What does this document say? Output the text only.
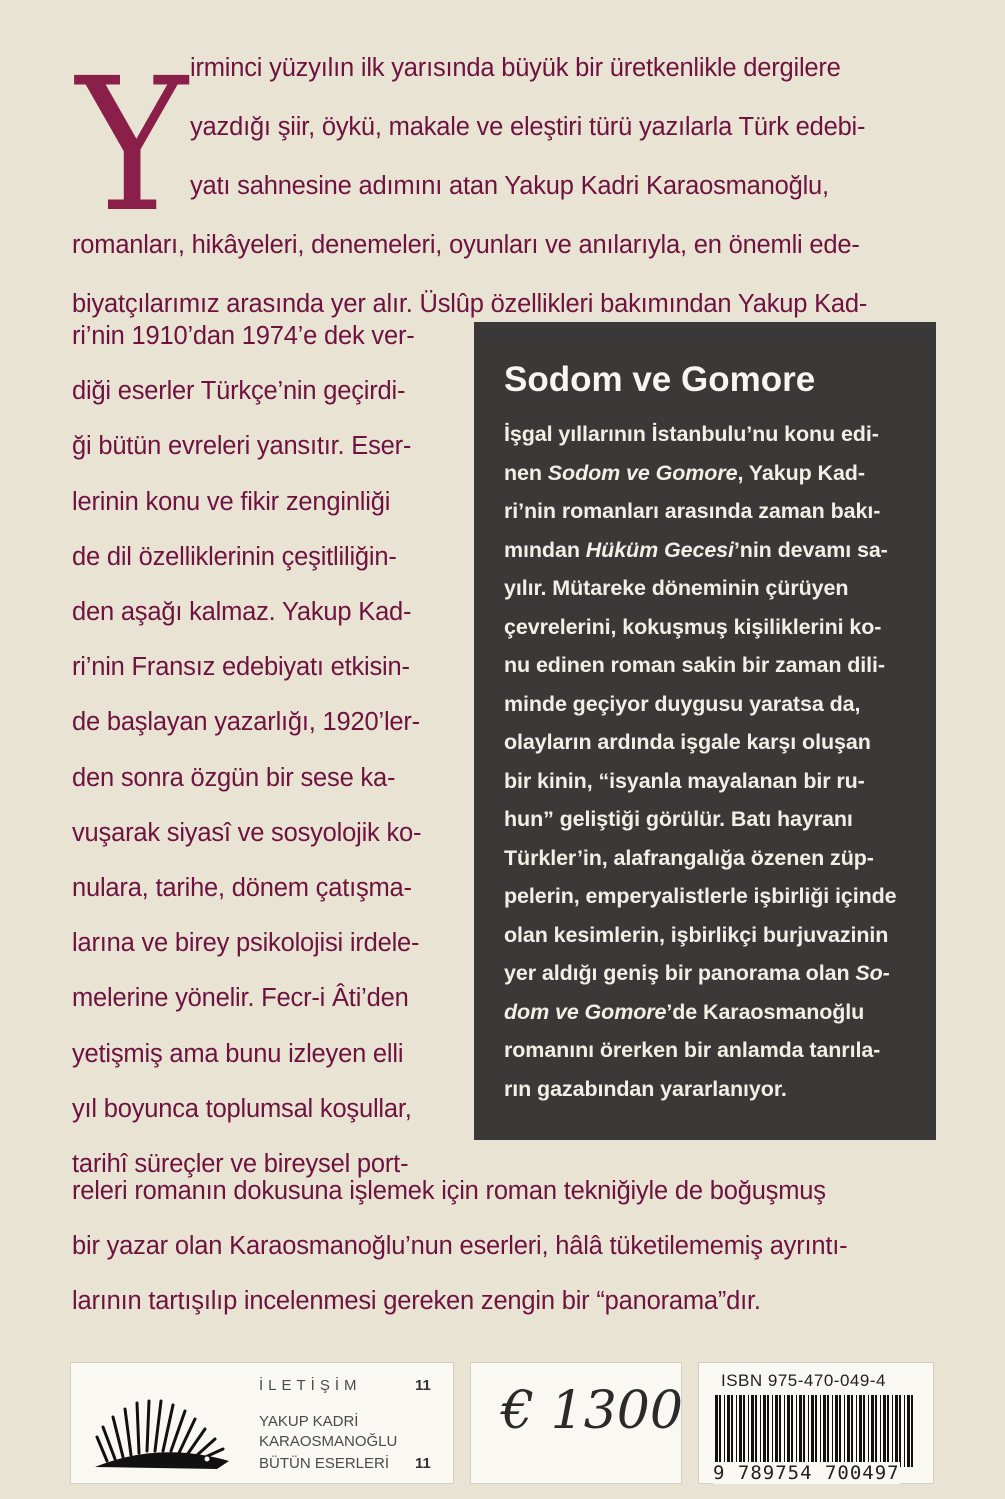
Y irminci yüzyılın ilk yarısında büyük bir üretkenlikle dergilere
yazdığı şiir, öykü, makale ve eleştiri türü yazılarla Türk edebi-
yatı sahnesine adımını atan Yakup Kadri Karaosmanoğlu,
romanları, hikâyeleri, denemeleri, oyunları ve anılarıyla, en önemli ede-
biyatçılarımız arasında yer alır. Üslûp özellikleri bakımından Yakup Kad-
ri’nin 1910’dan 1974’e dek ver-
diği eserler Türkçe’nin geçirdi-
ği bütün evreleri yansıtır. Eser-
lerinin konu ve fikir zenginliği
de dil özelliklerinin çeşitliliğin-
den aşağı kalmaz. Yakup Kad-
ri’nin Fransız edebiyatı etkisin-
de başlayan yazarlığı, 1920’ler-
den sonra özgün bir sese ka-
vuşarak siyasî ve sosyolojik ko-
nulara, tarihe, dönem çatışma-
larına ve birey psikolojisi irdele-
melerine yönelir. Fecr-i Âti’den
yetişmiş ama bunu izleyen elli
yıl boyunca toplumsal koşullar,
tarihî süreçler ve bireysel port-
releri romanın dokusuna işlemek için roman tekniğiyle de boğuşmuş
bir yazar olan Karaosmanoğlu’nun eserleri, hâlâ tüketilememiş ayrıntı-
larının tartışılıp incelenmesi gereken zengin bir “panorama”dır.
Sodom ve Gomore
İşgal yıllarının İstanbulu’nu konu edi-
nen Sodom ve Gomore, Yakup Kad-
ri’nin romanları arasında zaman bakı-
mından Hüküm Gecesi’nin devamı sa-
yılır. Mütareke döneminin çürüyen
çevrelerini, kokuşmuş kişiliklerini ko-
nu edinen roman sakin bir zaman dili-
minde geçiyor duygusu yaratsa da,
olayların ardında işgale karşı oluşan
bir kinin, “isyanla mayalanan bir ru-
hun” geliştiği görülür. Batı hayranı
Türkler’in, alafrangalığa özenen züp-
pelerin, emperyalistlerle işbirliği içinde
olan kesimlerin, işbirlikçi burjuvazinin
yer aldığı geniş bir panorama olan So-
dom ve Gomore’de Karaosmanoğlu
romanını örerken bir anlamda tanrıla-
rın gazabından yararlanıyor.
İLETİŞİM	11
YAKUP KADRİ
KARAOSMANOĞLU
BÜTÜN ESERLERİ 11
€ 1300
ISBN 975-470-049-4
9 789754 700497
